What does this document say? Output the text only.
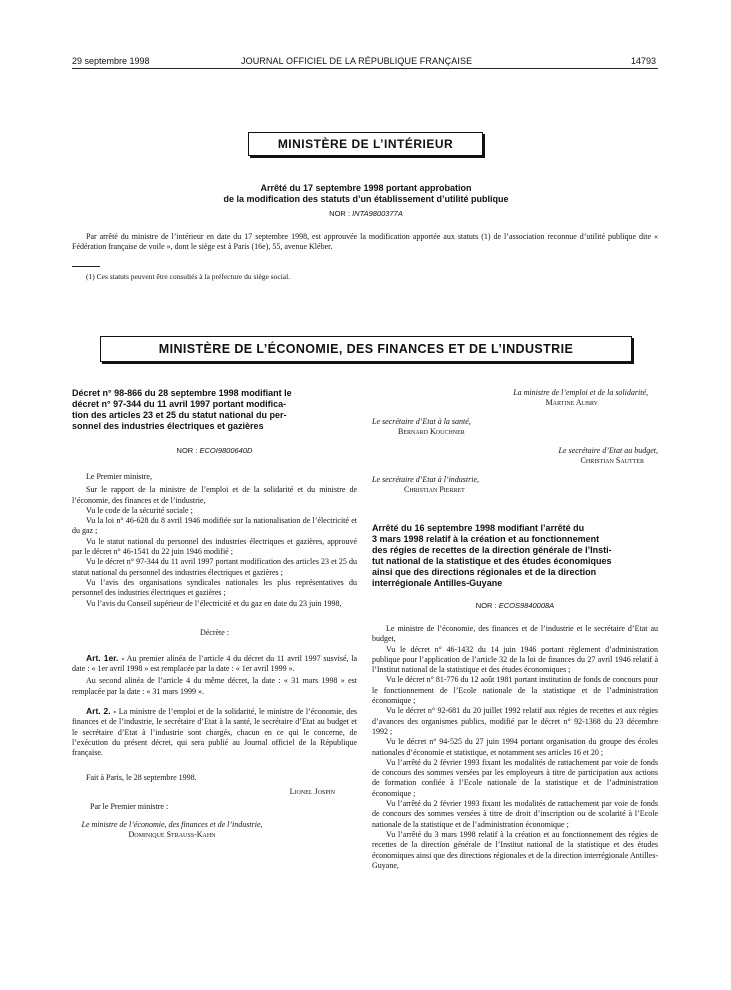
29 septembre 1998	JOURNAL OFFICIEL DE LA RÉPUBLIQUE FRANÇAISE	14793
MINISTÈRE DE L’INTÉRIEUR
Arrêté du 17 septembre 1998 portant approbation
de la modification des statuts d’un établissement d’utilité publique
NOR : INTA9800377A

Par arrêté du ministre de l’intérieur en date du 17 septembre 1998, est approuvée la modification apportée aux statuts (1) de l’association reconnue d’utilité publique dite « Fédération française de voile », dont le siège est à Paris (16e), 55, avenue Kléber.

(1) Ces statuts peuvent être consultés à la préfecture du siège social.

MINISTÈRE DE L’ÉCONOMIE, DES FINANCES ET DE L’INDUSTRIE
Décret n° 98-866 du 28 septembre 1998 modifiant le
décret n° 97-344 du 11 avril 1997 portant modifica-
tion des articles 23 et 25 du statut national du per-
sonnel des industries électriques et gazières
NOR : ECOI9800640D

Le Premier ministre,

Sur le rapport de la ministre de l’emploi et de la solidarité et du ministre de l’économie, des finances et de l’industrie,

Vu le code de la sécurité sociale ;

Vu la loi n° 46-628 du 8 avril 1946 modifiée sur la nationalisation de l’électricité et du gaz ;

Vu le statut national du personnel des industries électriques et gazières, approuvé par le décret n° 46-1541 du 22 juin 1946 modifié ;

Vu le décret n° 97-344 du 11 avril 1997 portant modification des articles 23 et 25 du statut national du personnel des industries électriques et gazières ;

Vu l’avis des organisations syndicales nationales les plus représentatives du personnel des industries électriques et gazières ;

Vu l’avis du Conseil supérieur de l’électricité et du gaz en date du 23 juin 1998,

Décrète :

Art. 1er. - Au premier alinéa de l’article 4 du décret du 11 avril 1997 susvisé, la date : « 1er avril 1998 » est remplacée par la date : « 1er avril 1999 ».

Au second alinéa de l’article 4 du même décret, la date : « 31 mars 1998 » est remplacée par la date : « 31 mars 1999 ».

Art. 2. - La ministre de l’emploi et de la solidarité, le ministre de l’économie, des finances et de l’industrie, le secrétaire d’Etat à la santé, le secrétaire d’Etat au budget et le secrétaire d’Etat à l’industrie sont chargés, chacun en ce qui le concerne, de l’exécution du présent décret, qui sera publié au Journal officiel de la République française.

Fait à Paris, le 28 septembre 1998.

Lionel Jospin
Par le Premier ministre :
Le ministre de l’économie, des finances et de l’industrie,
Dominique Strauss-Kahn
La ministre de l’emploi et de la solidarité,
Martine Aubry
Le secrétaire d’Etat à la santé,
Bernard Kouchner
Le secrétaire d’Etat au budget,
Christian Sautter
Le secrétaire d’Etat à l’industrie,
Christian Pierret
Arrêté du 16 septembre 1998 modifiant l’arrêté du
3 mars 1998 relatif à la création et au fonctionnement
des régies de recettes de la direction générale de l’Insti-
tut national de la statistique et des études économiques
ainsi que des directions régionales et de la direction
interrégionale Antilles-Guyane
NOR : ECOS9840008A

Le ministre de l’économie, des finances et de l’industrie et le secrétaire d’Etat au budget,

Vu le décret n° 46-1432 du 14 juin 1946 portant règlement d’administration publique pour l’application de l’article 32 de la loi de finances du 27 avril 1946 relatif à l’Institut national de la statistique et des études économiques ;

Vu le décret n° 81-776 du 12 août 1981 portant institution de fonds de concours pour le fonctionnement de l’Ecole nationale de la statistique et de l’administration économique ;

Vu le décret n° 92-681 du 20 juillet 1992 relatif aux régies de recettes et aux régies d’avances des organismes publics, modifié par le décret n° 92-1368 du 23 décembre 1992 ;

Vu le décret n° 94-525 du 27 juin 1994 portant organisation du groupe des écoles nationales d’économie et statistique, et notamment ses articles 16 et 20 ;

Vu l’arrêté du 2 février 1993 fixant les modalités de rattachement par voie de fonds de concours des sommes versées par les employeurs à titre de participation aux actions de formation confiée à l’Ecole nationale de la statistique et de l’administration économique ;

Vu l’arrêté du 2 février 1993 fixant les modalités de rattachement par voie de fonds de concours des sommes versées à titre de droit d’inscription ou de scolarité à l’Ecole nationale de la statistique et de l’administration économique ;

Vu l’arrêté du 3 mars 1998 relatif à la création et au fonctionnement des régies de recettes de la direction générale de l’Institut national de la statistique et des études économiques ainsi que des directions régionales et de la direction interrégionale Antilles-Guyane,
